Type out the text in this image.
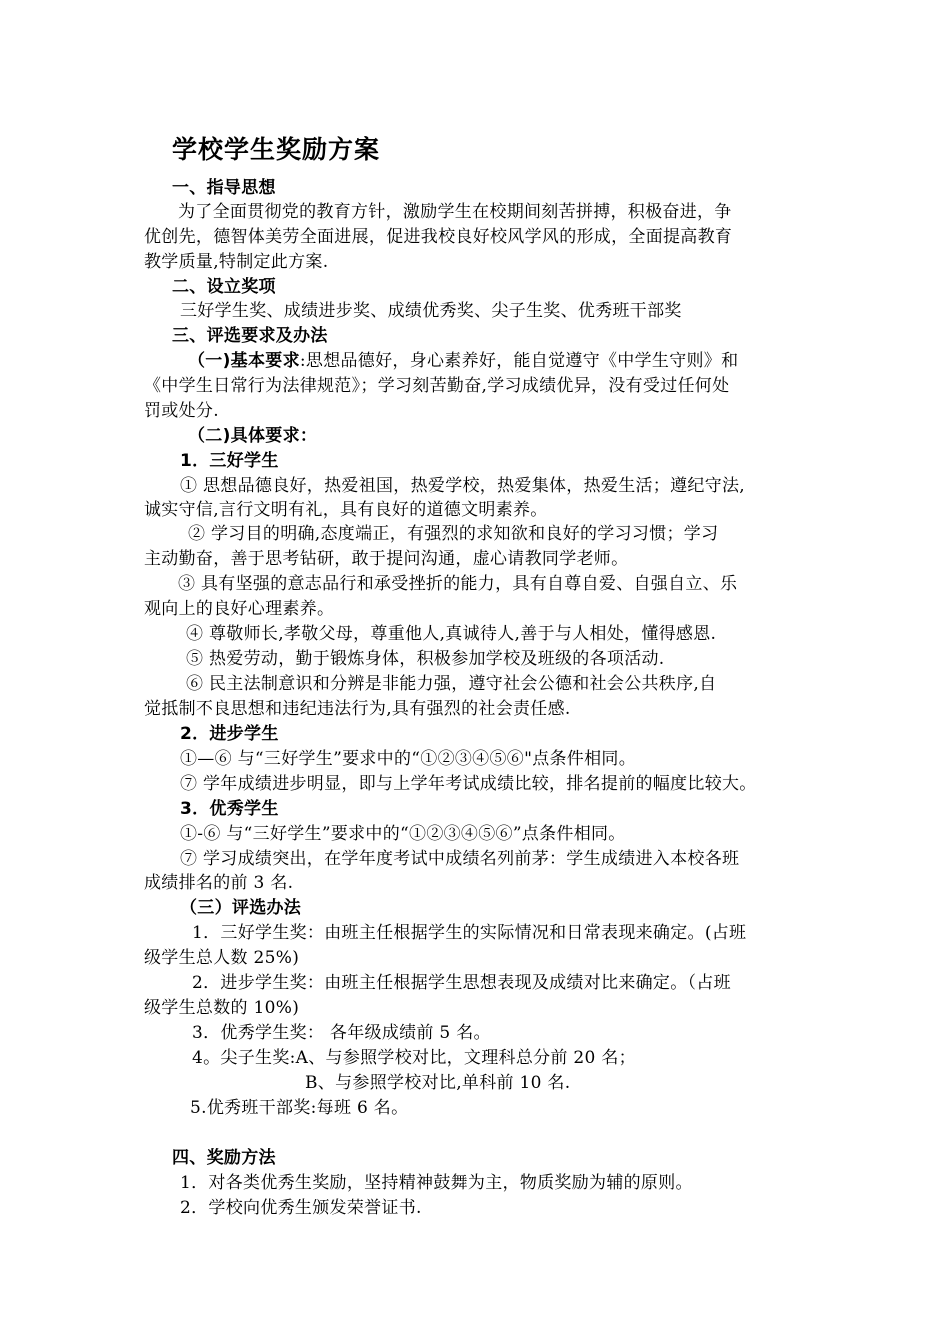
学校学生奖励方案
一、指导思想
为了全面贯彻党的教育方针，激励学生在校期间刻苦拼搏，积极奋进，争
优创先，德智体美劳全面进展，促进我校良好校风学风的形成，全面提高教育
教学质量,特制定此方案.
二、设立奖项
三好学生奖、成绩进步奖、成绩优秀奖、尖子生奖、优秀班干部奖
三、评选要求及办法
（一)基本要求:思想品德好，身心素养好，能自觉遵守《中学生守则》和
《中学生日常行为法律规范》；学习刻苦勤奋,学习成绩优异，没有受过任何处
罚或处分.
（二)具体要求：
1．三好学生
① 思想品德良好，热爱祖国，热爱学校，热爱集体，热爱生活；遵纪守法,
诚实守信,言行文明有礼，具有良好的道德文明素养。
② 学习目的明确,态度端正，有强烈的求知欲和良好的学习习惯；学习
主动勤奋，善于思考钻研，敢于提问沟通，虚心请教同学老师。
③ 具有坚强的意志品行和承受挫折的能力，具有自尊自爱、自强自立、乐
观向上的良好心理素养。
④ 尊敬师长,孝敬父母，尊重他人,真诚待人,善于与人相处，懂得感恩.
⑤ 热爱劳动，勤于锻炼身体，积极参加学校及班级的各项活动.
⑥ 民主法制意识和分辨是非能力强，遵守社会公德和社会公共秩序,自
觉抵制不良思想和违纪违法行为,具有强烈的社会责任感.
2．进步学生
①—⑥ 与“三好学生”要求中的“①②③④⑤⑥"点条件相同。
⑦ 学年成绩进步明显，即与上学年考试成绩比较，排名提前的幅度比较大。
3．优秀学生
①-⑥ 与“三好学生”要求中的“①②③④⑤⑥”点条件相同。
⑦ 学习成绩突出，在学年度考试中成绩名列前茅：学生成绩进入本校各班
成绩排名的前 3 名.
（三）评选办法
1．三好学生奖：由班主任根据学生的实际情况和日常表现来确定。(占班
级学生总人数 25%)
2．进步学生奖：由班主任根据学生思想表现及成绩对比来确定。（占班
级学生总数的 10%)
3．优秀学生奖： 各年级成绩前 5 名。
4。尖子生奖:A、与参照学校对比，文理科总分前 20 名；
B、与参照学校对比,单科前 10 名.
5.优秀班干部奖:每班 6 名。
四、奖励方法
1．对各类优秀生奖励，坚持精神鼓舞为主，物质奖励为辅的原则。
2．学校向优秀生颁发荣誉证书.
